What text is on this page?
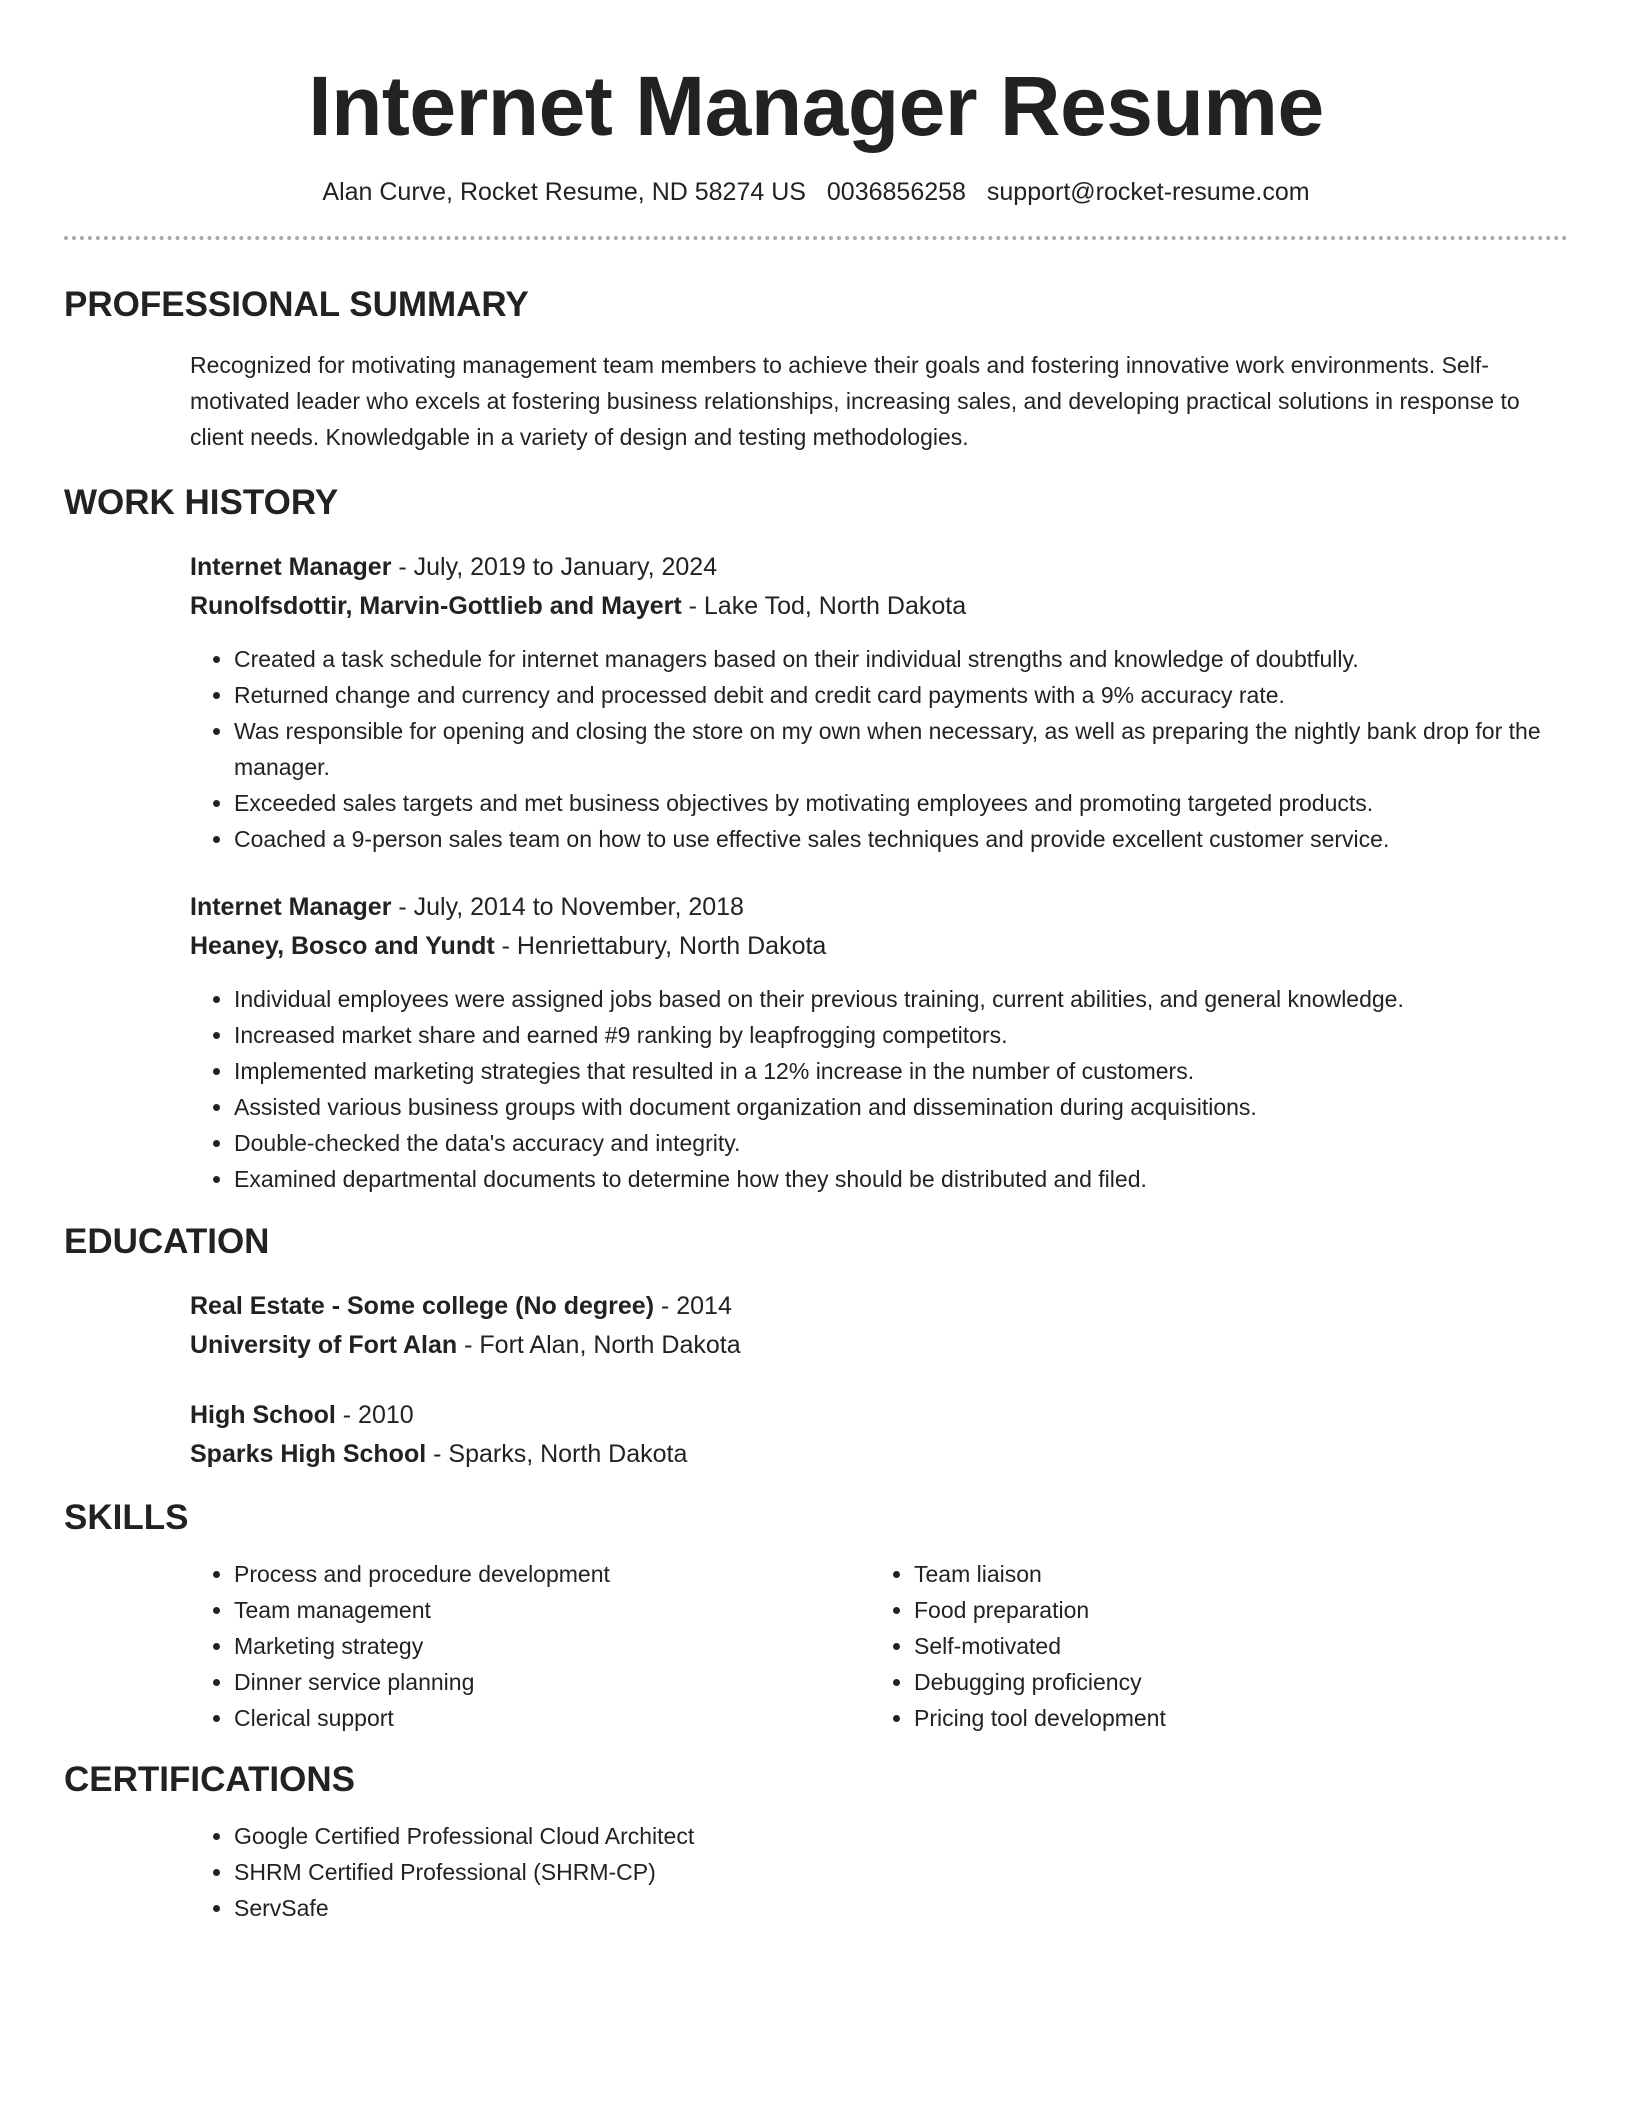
Internet Manager Resume
Alan Curve, Rocket Resume, ND 58274 US 0036856258 support@rocket-resume.com
PROFESSIONAL SUMMARY

Recognized for motivating management team members to achieve their goals and fostering innovative work environments. Self-motivated leader who excels at fostering business relationships, increasing sales, and developing practical solutions in response to client needs. Knowledgable in a variety of design and testing methodologies.

WORK HISTORY
Internet Manager - July, 2019 to January, 2024
Runolfsdottir, Marvin-Gottlieb and Mayert - Lake Tod, North Dakota
• Created a task schedule for internet managers based on their individual strengths and knowledge of doubtfully.
• Returned change and currency and processed debit and credit card payments with a 9% accuracy rate.
• Was responsible for opening and closing the store on my own when necessary, as well as preparing the nightly bank drop for the manager.
• Exceeded sales targets and met business objectives by motivating employees and promoting targeted products.
• Coached a 9-person sales team on how to use effective sales techniques and provide excellent customer service.
Internet Manager - July, 2014 to November, 2018
Heaney, Bosco and Yundt - Henriettabury, North Dakota
• Individual employees were assigned jobs based on their previous training, current abilities, and general knowledge.
• Increased market share and earned #9 ranking by leapfrogging competitors.
• Implemented marketing strategies that resulted in a 12% increase in the number of customers.
• Assisted various business groups with document organization and dissemination during acquisitions.
• Double-checked the data's accuracy and integrity.
• Examined departmental documents to determine how they should be distributed and filed.
EDUCATION
Real Estate - Some college (No degree) - 2014
University of Fort Alan - Fort Alan, North Dakota
High School - 2010
Sparks High School - Sparks, North Dakota
SKILLS
• Process and procedure development
• Team management
• Marketing strategy
• Dinner service planning
• Clerical support
• Team liaison
• Food preparation
• Self-motivated
• Debugging proficiency
• Pricing tool development
CERTIFICATIONS
• Google Certified Professional Cloud Architect
• SHRM Certified Professional (SHRM-CP)
• ServSafe
